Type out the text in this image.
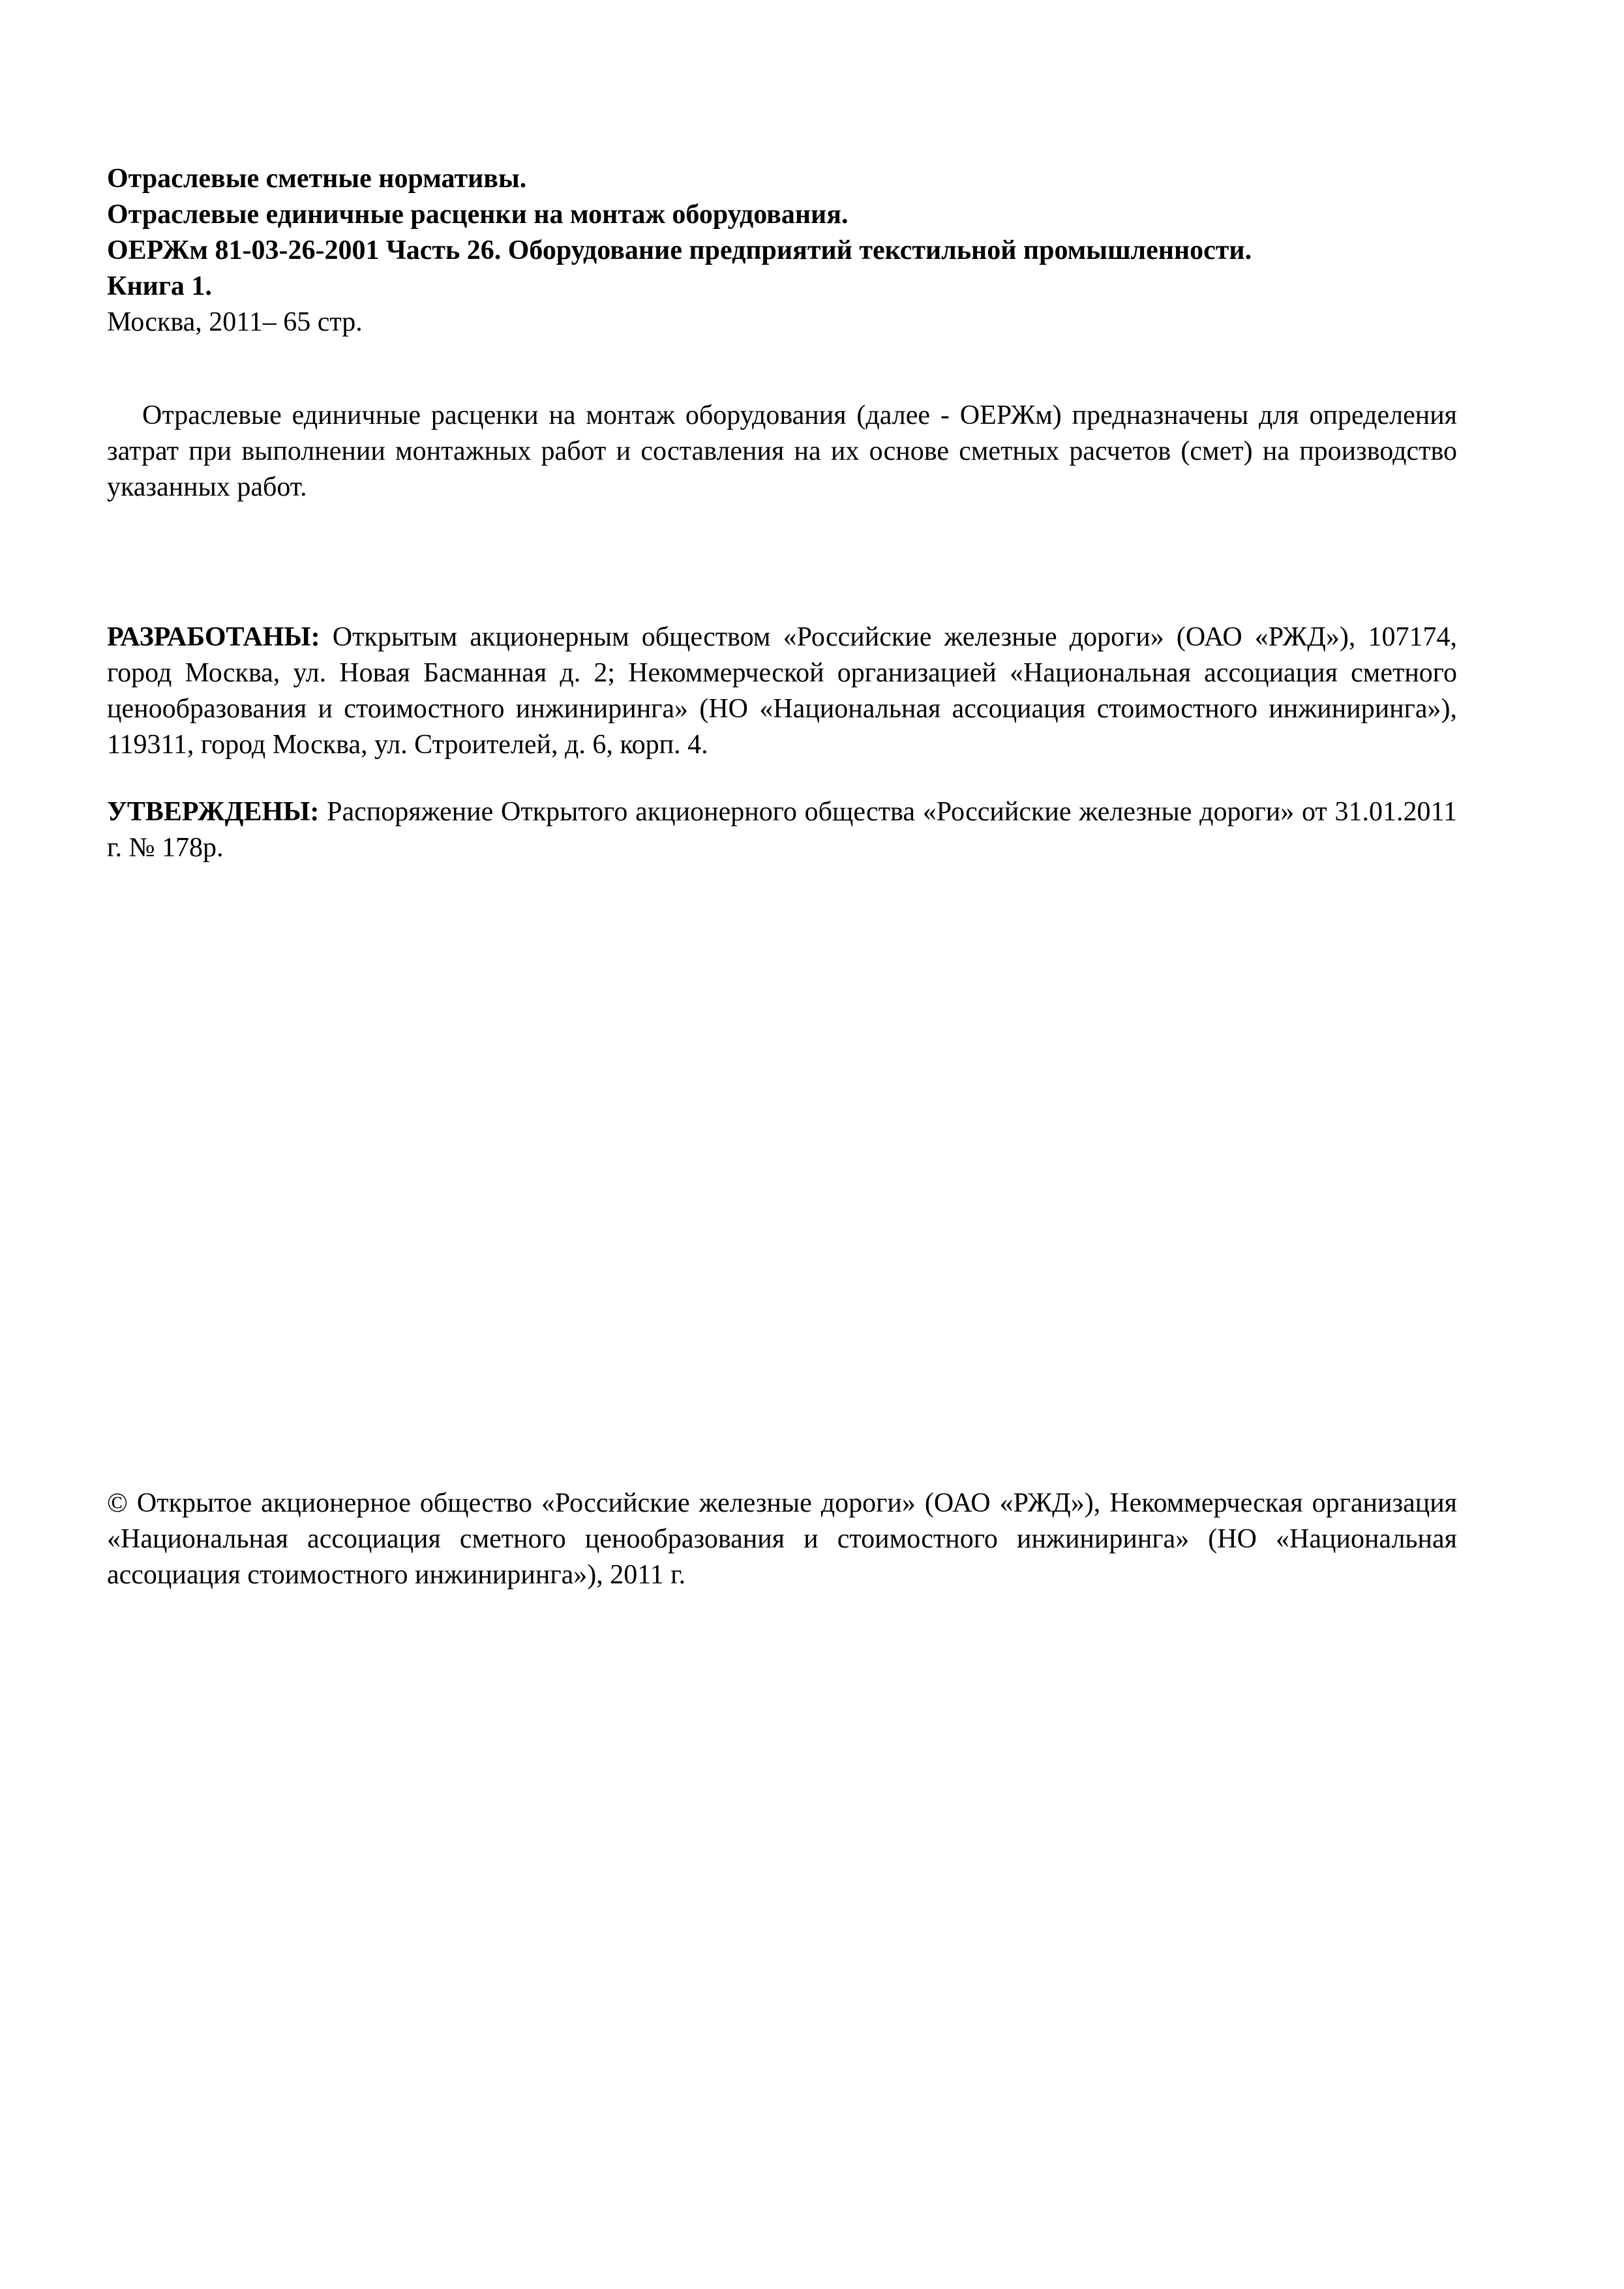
Отраслевые сметные нормативы.
Отраслевые единичные расценки на монтаж оборудования.
ОЕРЖм 81-03-26-2001 Часть 26. Оборудование предприятий текстильной промышленности.
Книга 1.
Москва, 2011– 65 стр.

Отраслевые единичные расценки на монтаж оборудования (далее - ОЕРЖм) предназначены для определения затрат при выполнении монтажных работ и составления на их основе сметных расчетов (смет) на производство указанных работ.

РАЗРАБОТАНЫ: Открытым акционерным обществом «Российские железные дороги» (ОАО «РЖД»), 107174, город Москва, ул. Новая Басманная д. 2; Некоммерческой организацией «Национальная ассоциация сметного ценообразования и стоимостного инжиниринга» (НО «Национальная ассоциация стоимостного инжиниринга»), 119311, город Москва, ул. Строителей, д. 6, корп. 4.

УТВЕРЖДЕНЫ: Распоряжение Открытого акционерного общества «Российские железные дороги» от 31.01.2011 г. № 178р.

© Открытое акционерное общество «Российские железные дороги» (ОАО «РЖД»), Некоммерческая организация «Национальная ассоциация сметного ценообразования и стоимостного инжиниринга» (НО «Национальная ассоциация стоимостного инжиниринга»), 2011 г.
